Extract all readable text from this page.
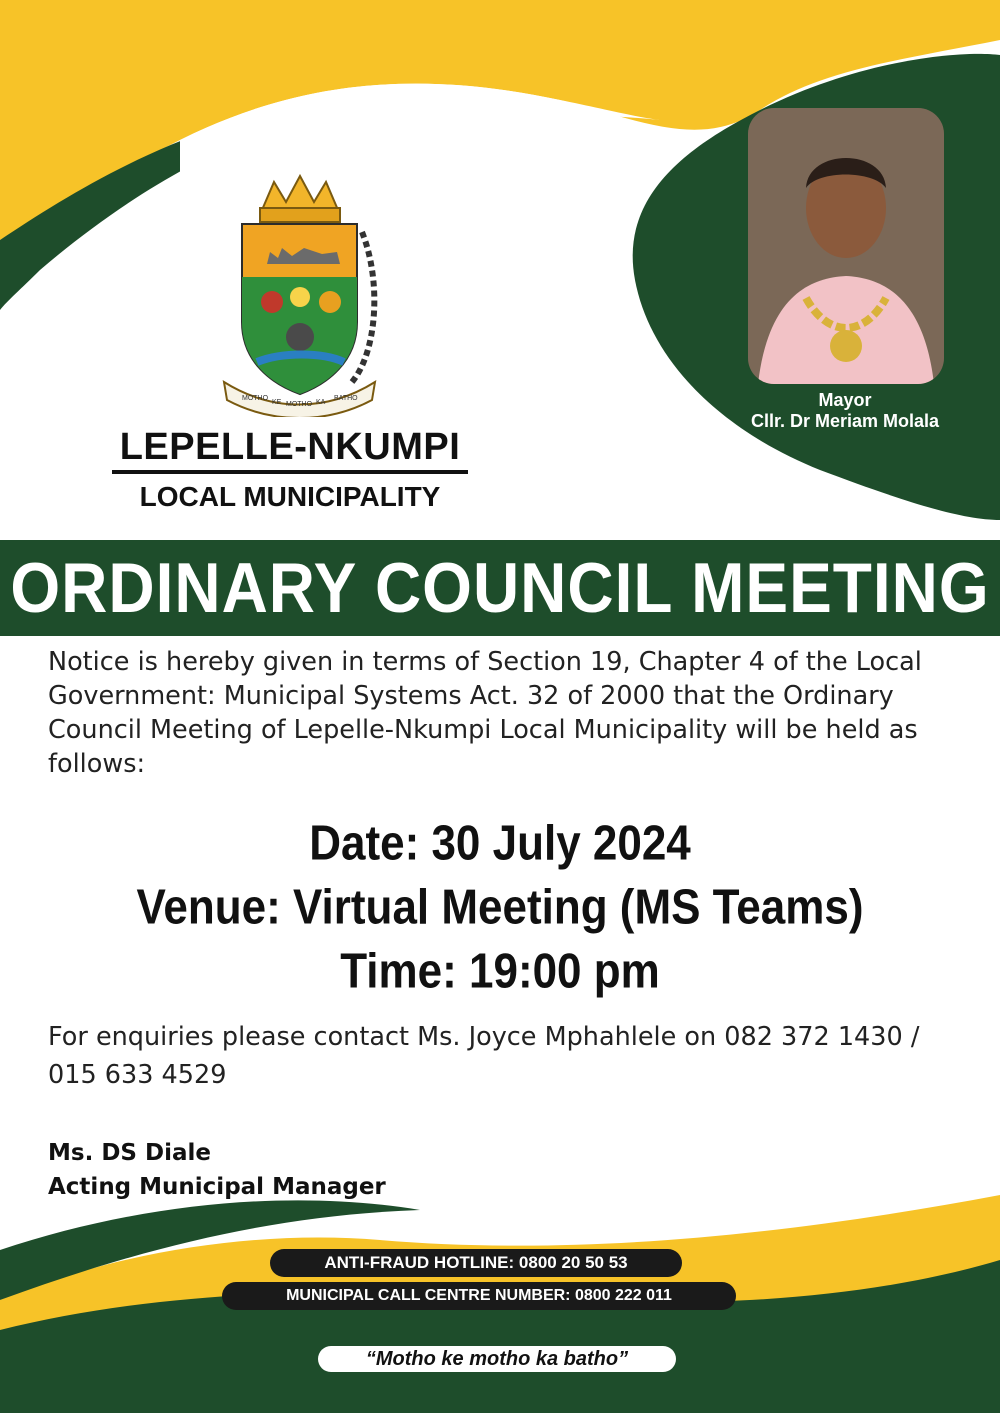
MOTHO
KE MOTHO KA
BATHO
LEPELLE-NKUMPI
LOCAL MUNICIPALITY
Mayor
Cllr. Dr Meriam Molala
ORDINARY COUNCIL MEETING
Notice is hereby given in terms of Section 19, Chapter 4 of the Local Government: Municipal Systems Act. 32 of 2000 that the Ordinary Council Meeting of Lepelle-Nkumpi Local Municipality will be held as follows:
Date: 30 July 2024
Venue: Virtual Meeting (MS Teams)
Time: 19:00 pm
For enquiries please contact Ms. Joyce Mphahlele on 082 372 1430 / 015 633 4529
Ms. DS Diale
Acting Municipal Manager
ANTI-FRAUD HOTLINE: 0800 20 50 53
MUNICIPAL CALL CENTRE NUMBER: 0800 222 011
“Motho ke motho ka batho”
